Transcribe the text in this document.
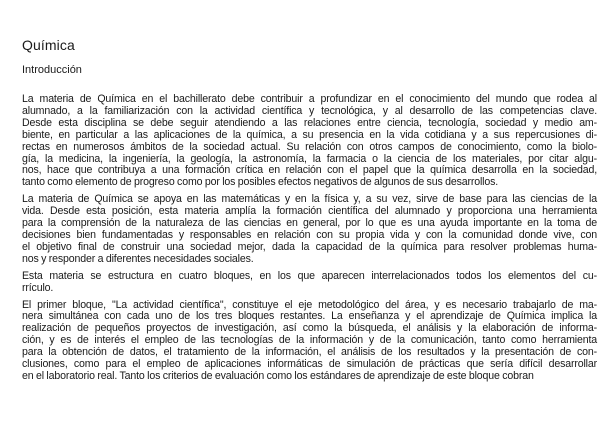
Química
Introducción

La materia de Química en el bachillerato debe contribuir a profundizar en el conocimiento del mundo que rodea al
alumnado, a la familiarización con la actividad científica y tecnológica, y al desarrollo de las competencias clave.
Desde esta disciplina se debe seguir atendiendo a las relaciones entre ciencia, tecnología, sociedad y medio am-
biente, en particular a las aplicaciones de la química, a su presencia en la vida cotidiana y a sus repercusiones di-
rectas en numerosos ámbitos de la sociedad actual. Su relación con otros campos de conocimiento, como la biolo-
gía, la medicina, la ingeniería, la geología, la astronomía, la farmacia o la ciencia de los materiales, por citar algu-
nos, hace que contribuya a una formación crítica en relación con el papel que la química desarrolla en la sociedad,
tanto como elemento de progreso como por los posibles efectos negativos de algunos de sus desarrollos.

La materia de Química se apoya en las matemáticas y en la física y, a su vez, sirve de base para las ciencias de la
vida. Desde esta posición, esta materia amplía la formación científica del alumnado y proporciona una herramienta
para la comprensión de la naturaleza de las ciencias en general, por lo que es una ayuda importante en la toma de
decisiones bien fundamentadas y responsables en relación con su propia vida y con la comunidad donde vive, con
el objetivo final de construir una sociedad mejor, dada la capacidad de la química para resolver problemas huma-
nos y responder a diferentes necesidades sociales.

Esta materia se estructura en cuatro bloques, en los que aparecen interrelacionados todos los elementos del cu-
rrículo.

El primer bloque, "La actividad científica", constituye el eje metodológico del área, y es necesario trabajarlo de ma-
nera simultánea con cada uno de los tres bloques restantes. La enseñanza y el aprendizaje de Química implica la
realización de pequeños proyectos de investigación, así como la búsqueda, el análisis y la elaboración de informa-
ción, y es de interés el empleo de las tecnologías de la información y de la comunicación, tanto como herramienta
para la obtención de datos, el tratamiento de la información, el análisis de los resultados y la presentación de con-
clusiones, como para el empleo de aplicaciones informáticas de simulación de prácticas que sería difícil desarrollar
en el laboratorio real. Tanto los criterios de evaluación como los estándares de aprendizaje de este bloque cobran
